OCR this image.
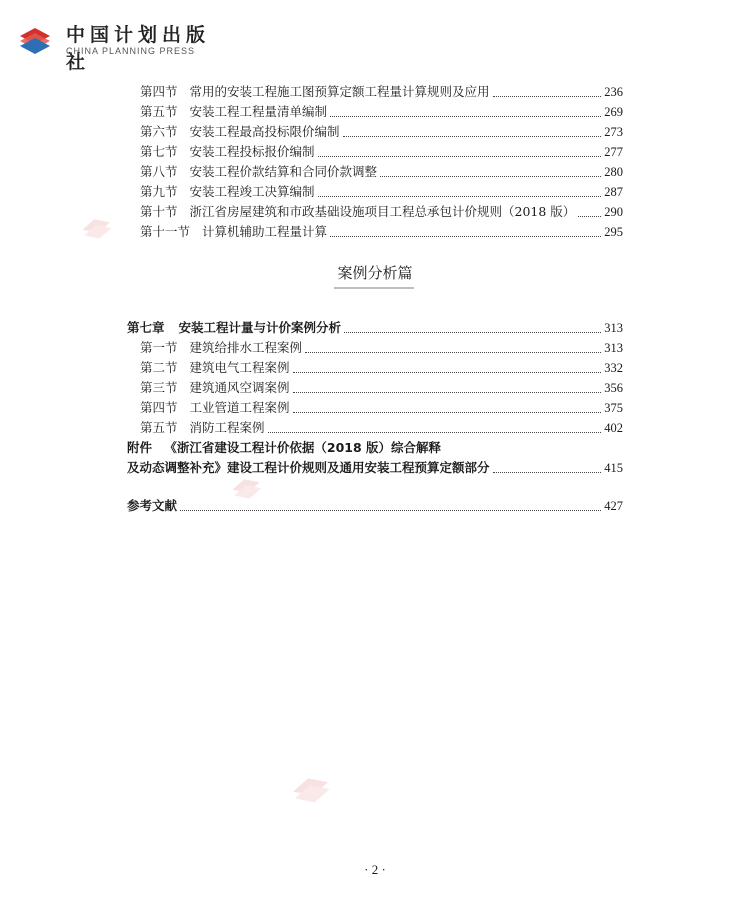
中国计划出版社
CHINA PLANNING PRESS
第四节 常用的安装工程施工图预算定额工程量计算规则及应用	236
第五节 安装工程工程量清单编制	269
第六节 安装工程最高投标限价编制	273
第七节 安装工程投标报价编制	277
第八节 安装工程价款结算和合同价款调整	280
第九节 安装工程竣工决算编制	287
第十节 浙江省房屋建筑和市政基础设施项目工程总承包计价规则（2018 版） 290
第十一节 计算机辅助工程量计算	295
案例分析篇
第七章 安装工程计量与计价案例分析	313
第一节 建筑给排水工程案例	313
第二节 建筑电气工程案例	332
第三节 建筑通风空调案例	356
第四节 工业管道工程案例	375
第五节 消防工程案例	402
附件 《浙江省建设工程计价依据（2018 版）综合解释
及动态调整补充》建设工程计价规则及通用安装工程预算定额部分	415
参考文献	427
· 2 ·
